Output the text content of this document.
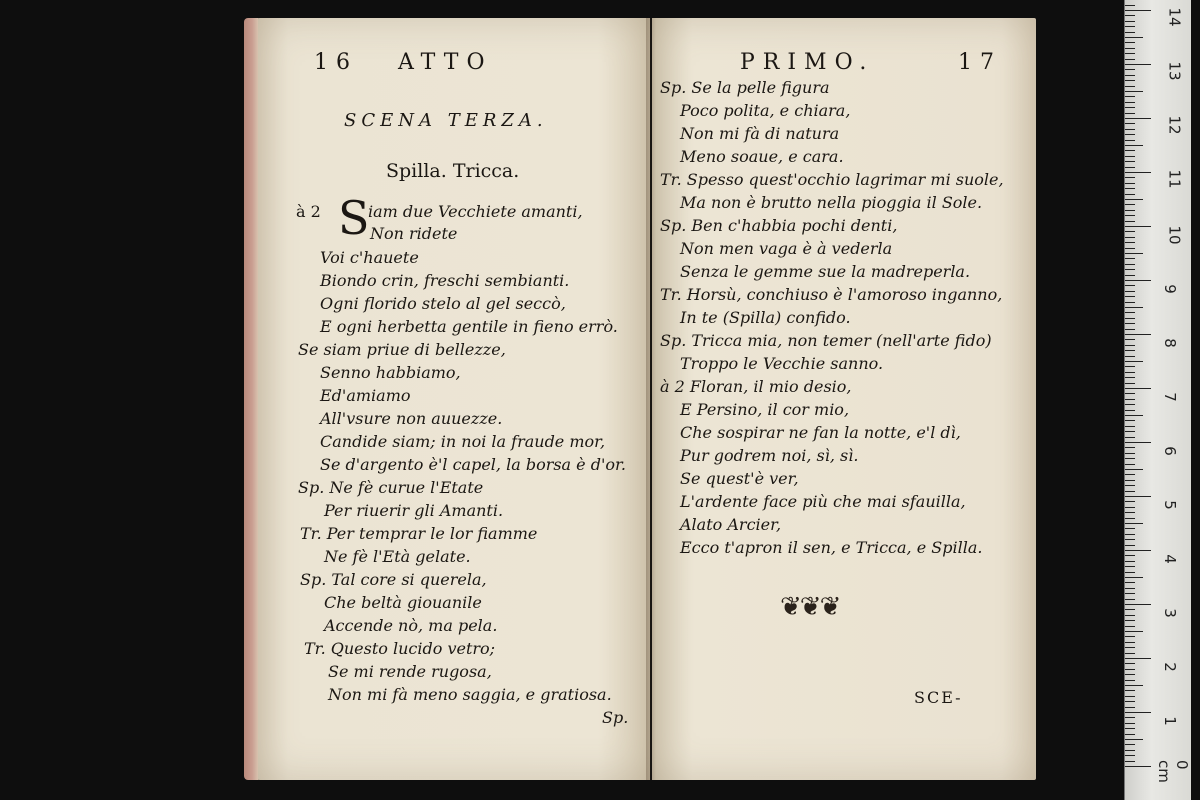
16 ATTO
SCENA TERZA.
Spilla. Tricca.
à 2 S
iam due Vecchiete amanti,
Non ridete
Voi c'hauete
Biondo crin, freschi sembianti.
Ogni florido stelo al gel seccò,
E ogni herbetta gentile in fieno errò.
Se siam priue di bellezze,
Senno habbiamo,
Ed'amiamo
All'vsure non auuezze.
Candide siam; in noi la fraude mor,
Se d'argento è'l capel, la borsa è d'or.
Sp. Ne fè curue l'Etate
Per riuerir gli Amanti.
Tr. Per temprar le lor fiamme
Ne fè l'Età gelate.
Sp. Tal core si querela,
Che beltà giouanile
Accende nò, ma pela.
Tr. Questo lucido vetro;
Se mi rende rugosa,
Non mi fà meno saggia, e gratiosa.
Sp.
PRIMO.	17
Sp. Se la pelle figura
Poco polita, e chiara,
Non mi fà di natura
Meno soaue, e cara.
Tr. Spesso quest'occhio lagrimar mi suole,
Ma non è brutto nella pioggia il Sole.
Sp. Ben c'habbia pochi denti,
Non men vaga è à vederla
Senza le gemme sue la madreperla.
Tr. Horsù, conchiuso è l'amoroso inganno,
In te (Spilla) confido.
Sp. Tricca mia, non temer (nell'arte fido)
Troppo le Vecchie sanno.
à 2 Floran, il mio desio,
E Persino, il cor mio,
Che sospirar ne fan la notte, e'l dì,
Pur godrem noi, sì, sì.
Se quest'è ver,
L'ardente face più che mai sfauilla,
Alato Arcier,
Ecco t'apron il sen, e Tricca, e Spilla.
❦❦❦
SCE-
0 cm
1
2
3
4
5
6
7
8
9
10
11
12
13
14
